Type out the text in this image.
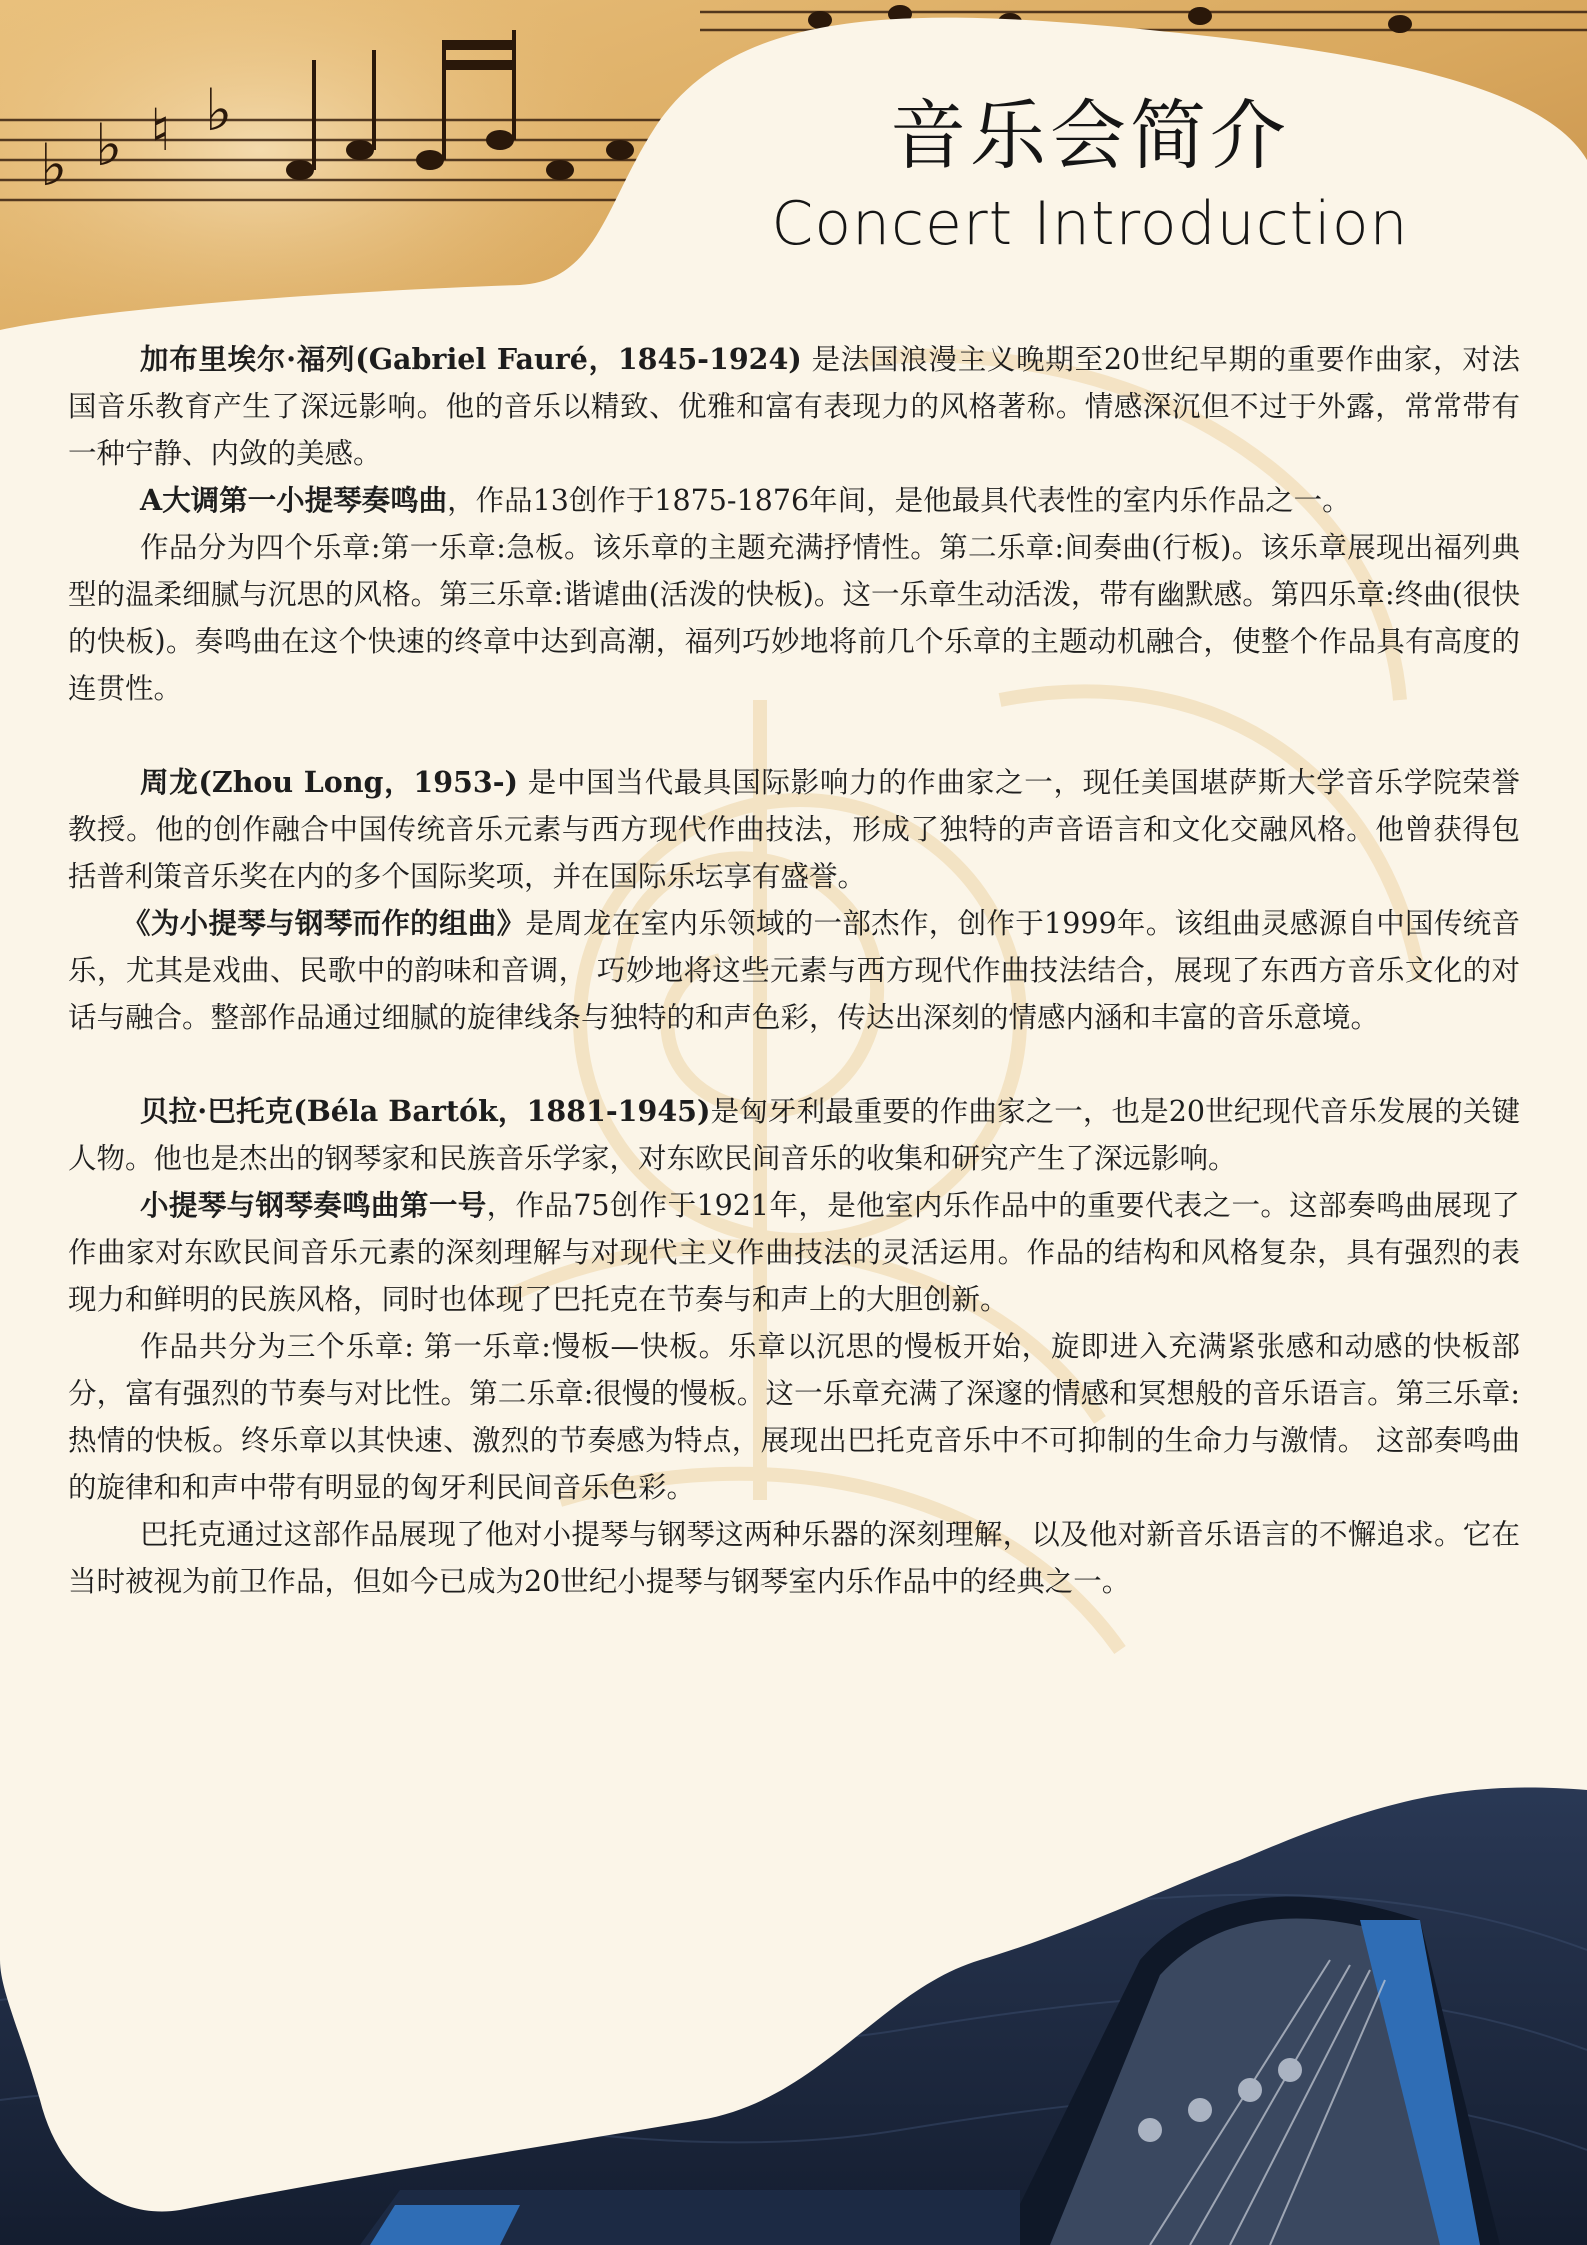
♭ ♭ ♮ ♭	音乐会简介
Concert Introduction

加布里埃尔·福列(Gabriel Fauré，1845-1924) 是法国浪漫主义晚期至20世纪早期的重要作曲家，对法国音乐教育产生了深远影响。他的音乐以精致、优雅和富有表现力的风格著称。情感深沉但不过于外露，常常带有一种宁静、内敛的美感。

A大调第一小提琴奏鸣曲，作品13创作于1875-1876年间，是他最具代表性的室内乐作品之一。

作品分为四个乐章:第一乐章:急板。该乐章的主题充满抒情性。第二乐章:间奏曲(行板)。该乐章展现出福列典型的温柔细腻与沉思的风格。第三乐章:谐谑曲(活泼的快板)。这一乐章生动活泼，带有幽默感。第四乐章:终曲(很快的快板)。奏鸣曲在这个快速的终章中达到高潮，福列巧妙地将前几个乐章的主题动机融合，使整个作品具有高度的连贯性。

周龙(Zhou Long，1953-) 是中国当代最具国际影响力的作曲家之一，现任美国堪萨斯大学音乐学院荣誉教授。他的创作融合中国传统音乐元素与西方现代作曲技法，形成了独特的声音语言和文化交融风格。他曾获得包括普利策音乐奖在内的多个国际奖项，并在国际乐坛享有盛誉。

《为小提琴与钢琴而作的组曲》是周龙在室内乐领域的一部杰作，创作于1999年。该组曲灵感源自中国传统音乐，尤其是戏曲、民歌中的韵味和音调， 巧妙地将这些元素与西方现代作曲技法结合，展现了东西方音乐文化的对话与融合。整部作品通过细腻的旋律线条与独特的和声色彩，传达出深刻的情感内涵和丰富的音乐意境。

贝拉·巴托克(Béla Bartók，1881-1945)是匈牙利最重要的作曲家之一，也是20世纪现代音乐发展的关键人物。他也是杰出的钢琴家和民族音乐学家，对东欧民间音乐的收集和研究产生了深远影响。

小提琴与钢琴奏鸣曲第一号，作品75创作于1921年，是他室内乐作品中的重要代表之一。这部奏鸣曲展现了作曲家对东欧民间音乐元素的深刻理解与对现代主义作曲技法的灵活运用。作品的结构和风格复杂，具有强烈的表现力和鲜明的民族风格，同时也体现了巴托克在节奏与和声上的大胆创新。

作品共分为三个乐章: 第一乐章:慢板—快板。乐章以沉思的慢板开始，旋即进入充满紧张感和动感的快板部分，富有强烈的节奏与对比性。第二乐章:很慢的慢板。这一乐章充满了深邃的情感和冥想般的音乐语言。第三乐章:热情的快板。终乐章以其快速、激烈的节奏感为特点，展现出巴托克音乐中不可抑制的生命力与激情。 这部奏鸣曲的旋律和和声中带有明显的匈牙利民间音乐色彩。

巴托克通过这部作品展现了他对小提琴与钢琴这两种乐器的深刻理解，以及他对新音乐语言的不懈追求。它在当时被视为前卫作品，但如今已成为20世纪小提琴与钢琴室内乐作品中的经典之一。
